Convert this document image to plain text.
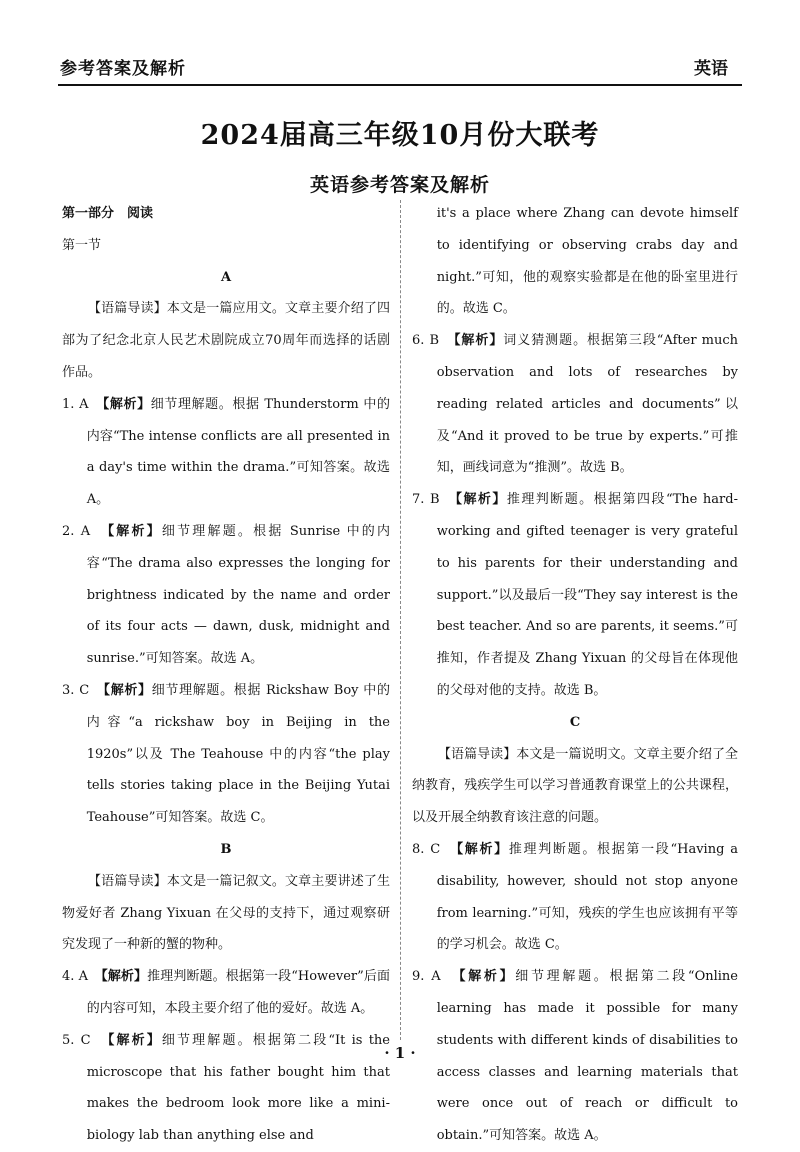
参考答案及解析	英语
2024届高三年级10月份大联考
英语参考答案及解析

第一部分　阅读

第一节

A

【语篇导读】本文是一篇应用文。文章主要介绍了四部为了纪念北京人民艺术剧院成立70周年而选择的话剧作品。

1. A　 【解析】细节理解题。根据 Thunderstorm 中的内容“The intense conflicts are all presented in a day's time within the drama.”可知答案。故选 A。

2. A　 【解析】细节理解题。根据 Sunrise 中的内容“The drama also expresses the longing for brightness indicated by the name and order of its four acts — dawn, dusk, midnight and sunrise.”可知答案。故选 A。

3. C　 【解析】细节理解题。根据 Rickshaw Boy 中的内容“a rickshaw boy in Beijing in the 1920s”以及 The Teahouse 中的内容“the play tells stories taking place in the Beijing Yutai Teahouse”可知答案。故选 C。

B

【语篇导读】本文是一篇记叙文。文章主要讲述了生物爱好者 Zhang Yixuan 在父母的支持下，通过观察研究发现了一种新的蟹的物种。

4. A　 【解析】推理判断题。根据第一段“However”后面的内容可知，本段主要介绍了他的爱好。故选 A。

5. C　 【解析】细节理解题。根据第二段“It is the microscope that his father bought him that makes the bedroom look more like a mini-biology lab than anything else and

it's a place where Zhang can devote himself to identifying or observing crabs day and night.”可知，他的观察实验都是在他的卧室里进行的。故选 C。

6. B　 【解析】词义猜测题。根据第三段“After much observation and lots of researches by reading related articles and documents”以及“And it proved to be true by experts.”可推知，画线词意为“推测”。故选 B。

7. B　 【解析】推理判断题。根据第四段“The hard-working and gifted teenager is very grateful to his parents for their understanding and support.”以及最后一段“They say interest is the best teacher. And so are parents, it seems.”可推知，作者提及 Zhang Yixuan 的父母旨在体现他的父母对他的支持。故选 B。

C

【语篇导读】本文是一篇说明文。文章主要介绍了全纳教育，残疾学生可以学习普通教育课堂上的公共课程，以及开展全纳教育该注意的问题。

8. C　 【解析】推理判断题。根据第一段“Having a disability, however, should not stop anyone from learning.”可知，残疾的学生也应该拥有平等的学习机会。故选 C。

9. A　 【解析】细节理解题。根据第二段“Online learning has made it possible for many students with different kinds of disabilities to access classes and learning materials that were once out of reach or difficult to obtain.”可知答案。故选 A。

· 1 ·
